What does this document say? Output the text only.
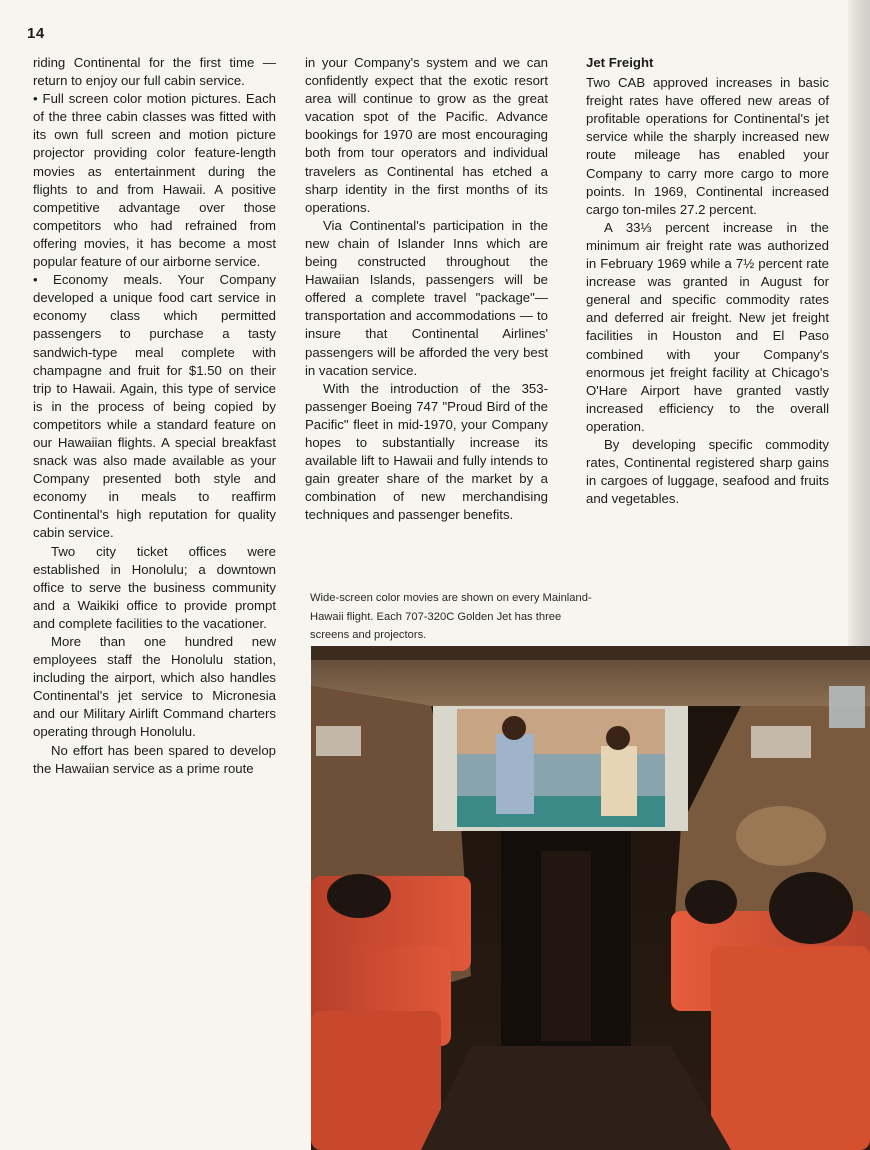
14

riding Continental for the first time — return to enjoy our full cabin service.

• Full screen color motion pictures. Each of the three cabin classes was fitted with its own full screen and motion picture projector providing color feature-length movies as entertainment during the flights to and from Hawaii. A positive competitive advantage over those competitors who had refrained from offering movies, it has become a most popular feature of our airborne service.

• Economy meals. Your Company developed a unique food cart service in economy class which permitted passengers to purchase a tasty sandwich-type meal complete with champagne and fruit for $1.50 on their trip to Hawaii. Again, this type of service is in the process of being copied by competitors while a standard feature on our Hawaiian flights. A special breakfast snack was also made available as your Company presented both style and economy in meals to reaffirm Continental's high reputation for quality cabin service.

Two city ticket offices were established in Honolulu; a downtown office to serve the business community and a Waikiki office to provide prompt and complete facilities to the vacationer.

More than one hundred new employees staff the Honolulu station, including the airport, which also handles Continental's jet service to Micronesia and our Military Airlift Command charters operating through Honolulu.

No effort has been spared to develop the Hawaiian service as a prime route

in your Company's system and we can confidently expect that the exotic resort area will continue to grow as the great vacation spot of the Pacific. Advance bookings for 1970 are most encouraging both from tour operators and individual travelers as Continental has etched a sharp identity in the first months of its operations.

Via Continental's participation in the new chain of Islander Inns which are being constructed throughout the Hawaiian Islands, passengers will be offered a complete travel "package"— transportation and accommodations — to insure that Continental Airlines' passengers will be afforded the very best in vacation service.

With the introduction of the 353-passenger Boeing 747 "Proud Bird of the Pacific" fleet in mid-1970, your Company hopes to substantially increase its available lift to Hawaii and fully intends to gain greater share of the market by a combination of new merchandising techniques and passenger benefits.

Jet Freight

Two CAB approved increases in basic freight rates have offered new areas of profitable operations for Continental's jet service while the sharply increased new route mileage has enabled your Company to carry more cargo to more points. In 1969, Continental increased cargo ton-miles 27.2 percent.

A 33⅓ percent increase in the minimum air freight rate was authorized in February 1969 while a 7½ percent rate increase was granted in August for general and specific commodity rates and deferred air freight. New jet freight facilities in Houston and El Paso combined with your Company's enormous jet freight facility at Chicago's O'Hare Airport have granted vastly increased efficiency to the overall operation.

By developing specific commodity rates, Continental registered sharp gains in cargoes of luggage, seafood and fruits and vegetables.

Wide-screen color movies are shown on every Mainland-Hawaii flight. Each 707-320C Golden Jet has three screens and projectors.
